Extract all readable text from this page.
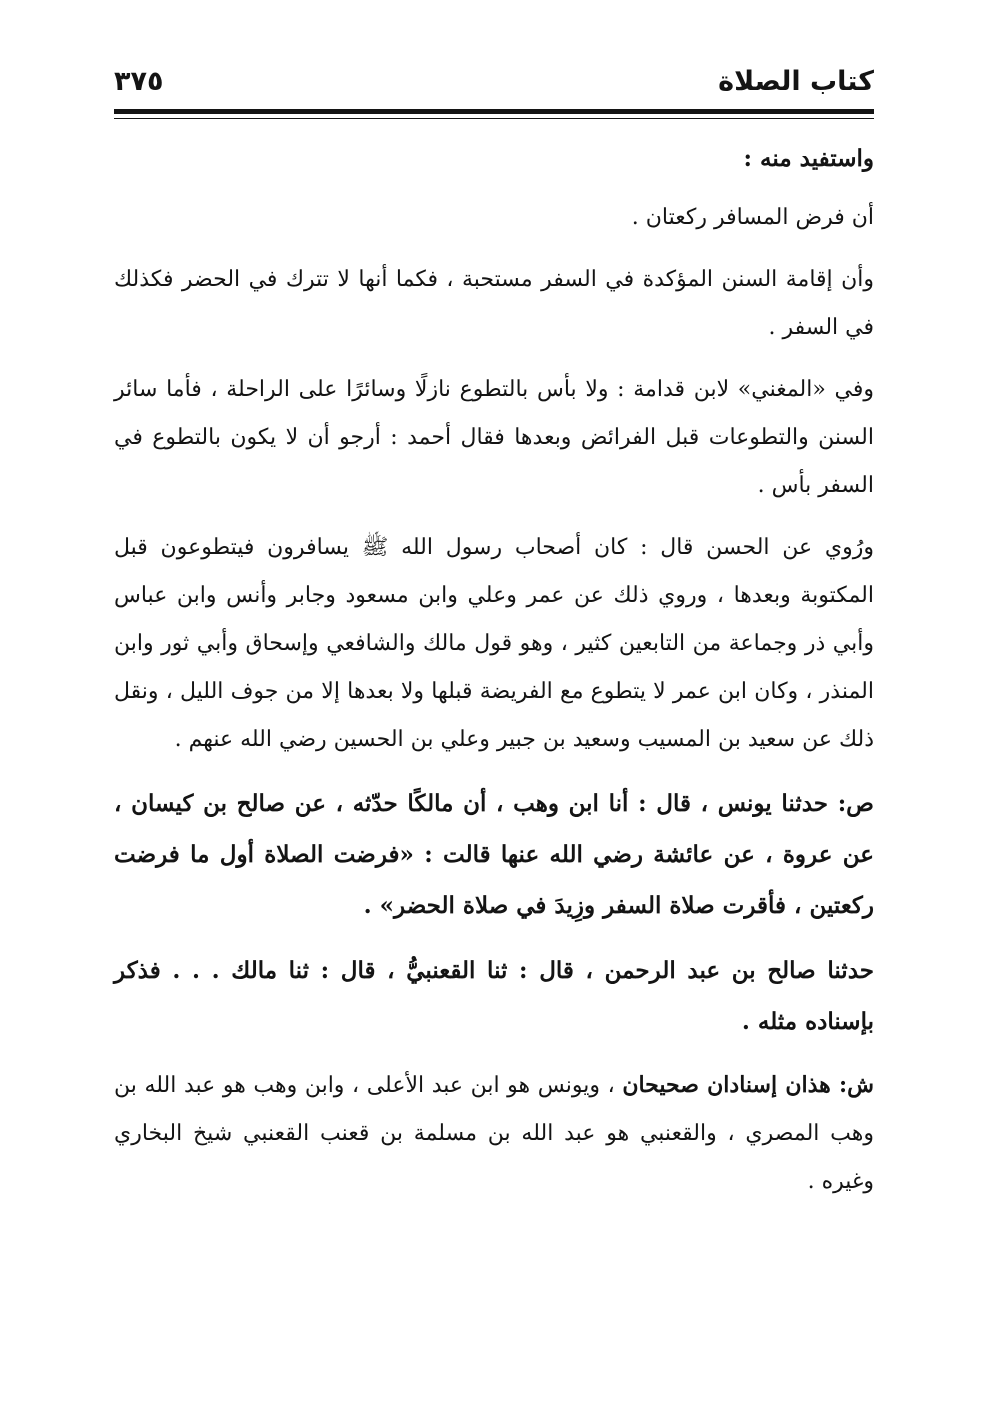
كتاب الصلاة
٣٧٥

واستفيد منه :

أن فرض المسافر ركعتان .

وأن إقامة السنن المؤكدة في السفر مستحبة ، فكما أنها لا تترك في الحضر فكذلك في السفر .

وفي «المغني» لابن قدامة : ولا بأس بالتطوع نازلًا وسائرًا على الراحلة ، فأما سائر السنن والتطوعات قبل الفرائض وبعدها فقال أحمد : أرجو أن لا يكون بالتطوع في السفر بأس .

ورُوي عن الحسن قال : كان أصحاب رسول الله ﷺ يسافرون فيتطوعون قبل المكتوبة وبعدها ، وروي ذلك عن عمر وعلي وابن مسعود وجابر وأنس وابن عباس وأبي ذر وجماعة من التابعين كثير ، وهو قول مالك والشافعي وإسحاق وأبي ثور وابن المنذر ، وكان ابن عمر لا يتطوع مع الفريضة قبلها ولا بعدها إلا من جوف الليل ، ونقل ذلك عن سعيد بن المسيب وسعيد بن جبير وعلي بن الحسين رضي الله عنهم .

ص: حدثنا يونس ، قال : أنا ابن وهب ، أن مالكًا حدّثه ، عن صالح بن كيسان ، عن عروة ، عن عائشة رضي الله عنها قالت : «فرضت الصلاة أول ما فرضت ركعتين ، فأقرت صلاة السفر وزِيدَ في صلاة الحضر» .

حدثنا صالح بن عبد الرحمن ، قال : ثنا القعنبيُّ ، قال : ثنا مالك . . . فذكر بإسناده مثله .

ش: هذان إسنادان صحيحان ، ويونس هو ابن عبد الأعلى ، وابن وهب هو عبد الله بن وهب المصري ، والقعنبي هو عبد الله بن مسلمة بن قعنب القعنبي شيخ البخاري وغيره .
